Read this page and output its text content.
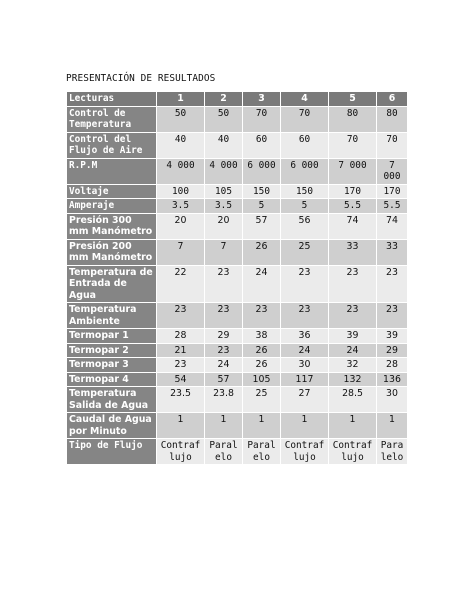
PRESENTACIÓN DE RESULTADOS
Lecturas	1	2	3	4	5	6
Control de Temperatura	50	50	70	70	80	80
Control del Flujo de Aire	40	40	60	60	70	70
R.P.M	4 000	4 000	6 000	6 000	7 000	7 000
Voltaje	100	105	150	150	170	170
Amperaje	3.5	3.5	5	5	5.5	5.5
Presión 300 mm Manómetro	20	20	57	56	74	74
Presión 200 mm Manómetro	7	7	26	25	33	33
Temperatura de Entrada de Agua	22	23	24	23	23	23
Temperatura Ambiente	23	23	23	23	23	23
Termopar 1	28	29	38	36	39	39
Termopar 2	21	23	26	24	24	29
Termopar 3	23	24	26	30	32	28
Termopar 4	54	57	105	117	132	136
Temperatura Salida de Agua	23.5	23.8	25	27	28.5	30
Caudal de Agua por Minuto	1	1	1	1	1	1
Tipo de Flujo	Contraflujo	Paralelo	Paralelo	Contraflujo	Contraflujo	Paralelo
